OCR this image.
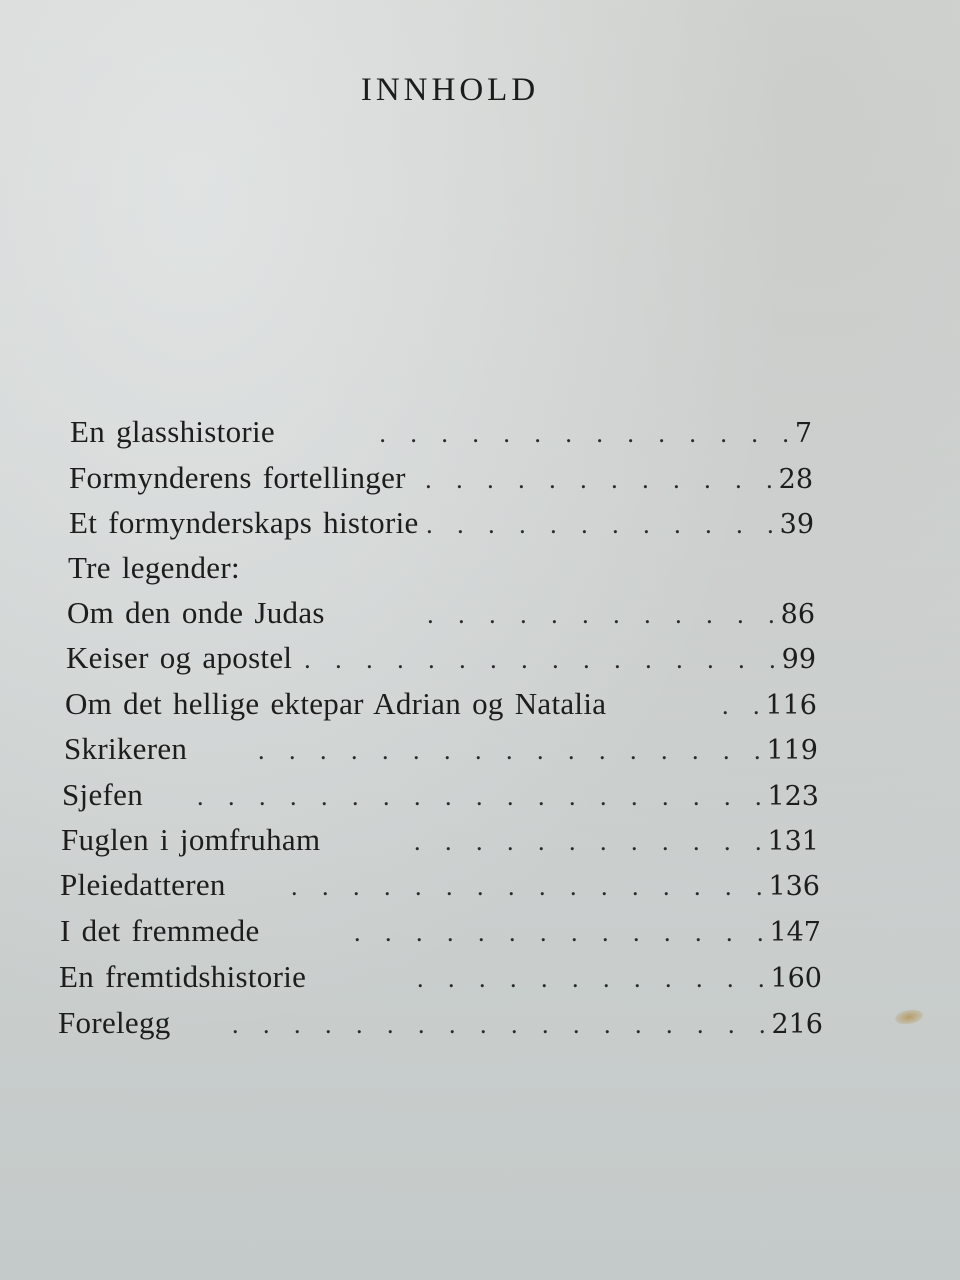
INNHOLD
En glasshistorie	. . . . . . . . . . . . . . 7
Formynderens fortellinger . . . . . . . . . . . . 28
Et formynderskaps historie . . . . . . . . . . . . 39
Tre legender:
Om den onde Judas	. . . . . . . . . . . . 86
Keiser og apostel . . . . . . . . . . . . . . . . 99
Om det hellige ektepar Adrian og Natalia	. . 116
Skrikeren	. . . . . . . . . . . . . . . . . 119
Sjefen	. . . . . . . . . . . . . . . . . . . 123
Fuglen i jomfruham	. . . . . . . . . . . . 131
Pleiedatteren	. . . . . . . . . . . . . . . . 136
I det fremmede	. . . . . . . . . . . . . . 147
En fremtidshistorie	. . . . . . . . . . . . 160
Forelegg	. . . . . . . . . . . . . . . . . . 216
